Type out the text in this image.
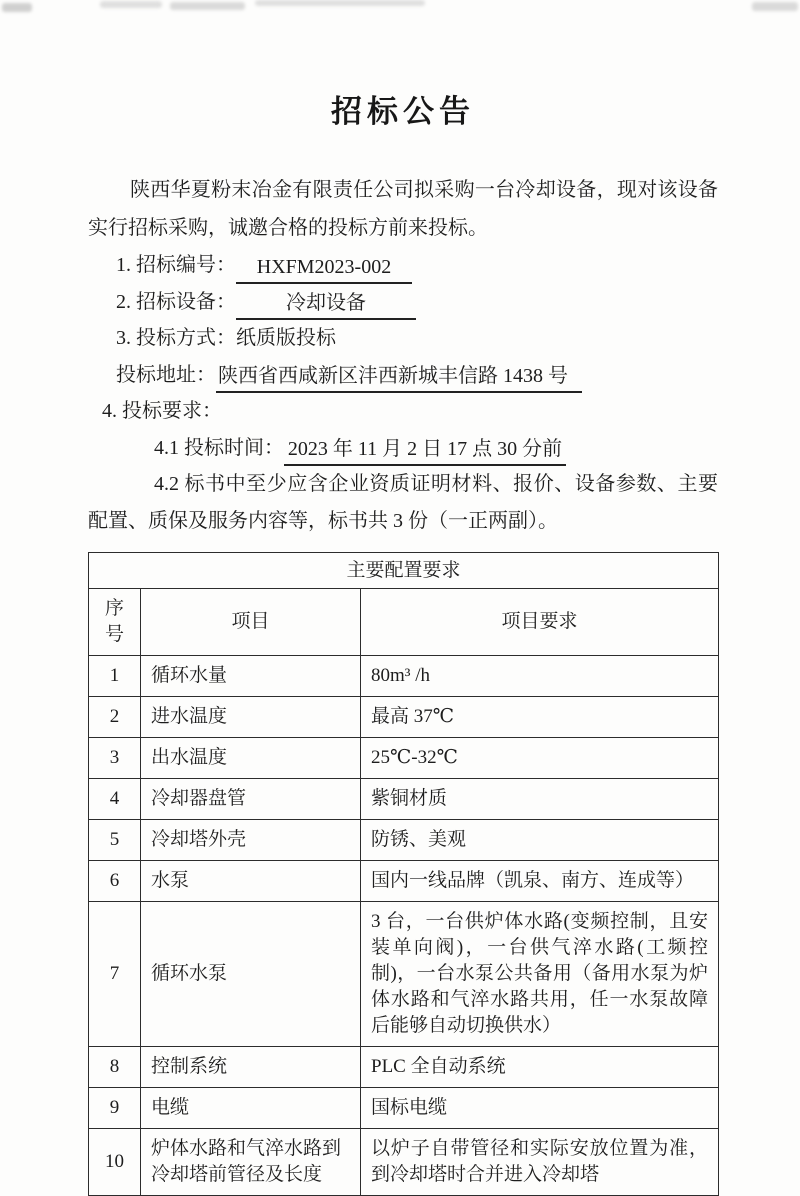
招标公告

陕西华夏粉末冶金有限责任公司拟采购一台冷却设备，现对该设备实行招标采购，诚邀合格的投标方前来投标。

1. 招标编号： HXFM2023-002
2. 招标设备：	冷却设备
3. 投标方式：纸质版投标
投标地址： 陕西省西咸新区沣西新城丰信路 1438 号
4. 投标要求：
4.1 投标时间： 2023 年 11 月 2 日 17 点 30 分前

4.2 标书中至少应含企业资质证明材料、报价、设备参数、主要配置、质保及服务内容等，标书共 3 份（一正两副）。

主要配置要求		
序号	项目	项目要求
1	循环水量	80m³ /h
2	进水温度	最高 37℃
3	出水温度	25℃-32℃
4	冷却器盘管	紫铜材质
5	冷却塔外壳	防锈、美观
6	水泵	国内一线品牌（凯泉、南方、连成等）
7	循环水泵	3 台，一台供炉体水路(变频控制，且安装单向阀)，一台供气淬水路(工频控制)，一台水泵公共备用（备用水泵为炉体水路和气淬水路共用，任一水泵故障后能够自动切换供水）
8	控制系统	PLC 全自动系统
9	电缆	国标电缆
10	炉体水路和气淬水路到冷却塔前管径及长度	以炉子自带管径和实际安放位置为准，到冷却塔时合并进入冷却塔
